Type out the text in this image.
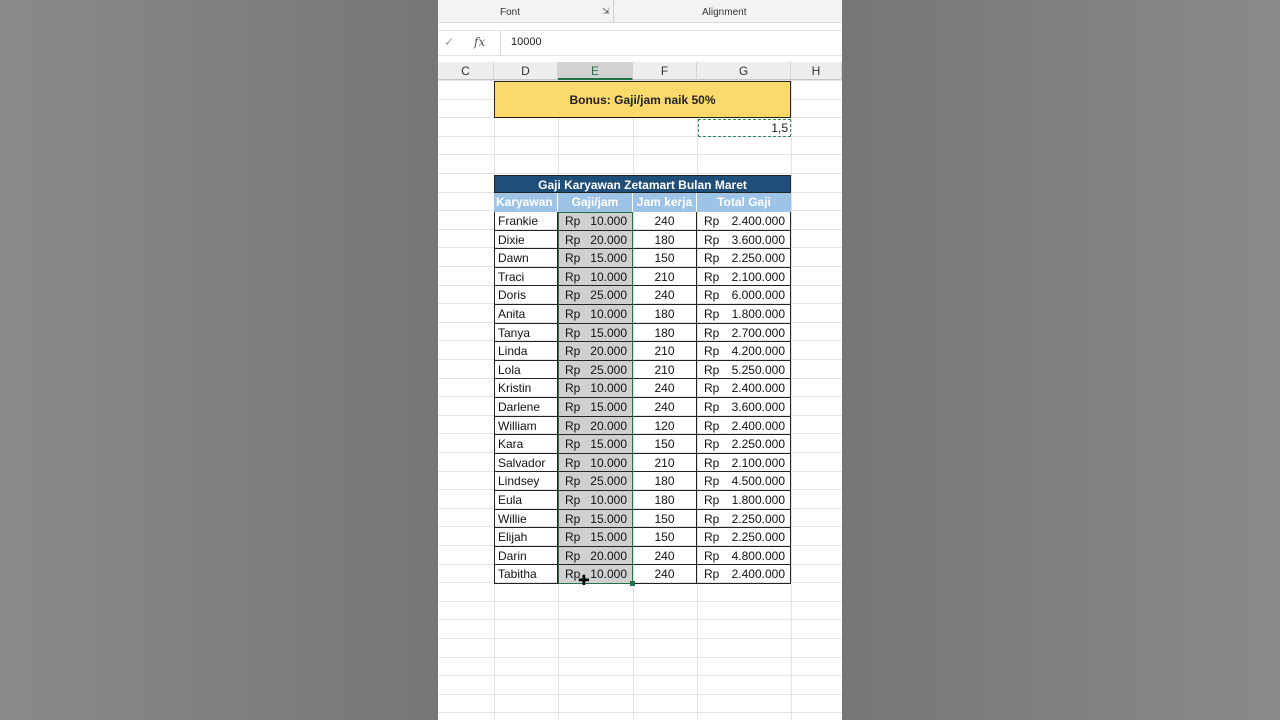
Font	⇲	Alignment
✓ fx 10000
C	D	E	F	G	H
Bonus: Gaji/jam naik 50%
1,5
Gaji Karyawan Zetamart Bulan Maret
Karyawan	Gaji/jam	Jam kerja	Total Gaji
Frankie	Rp 10.000	240	Rp 2.400.000
Dixie	Rp 20.000	180	Rp 3.600.000
Dawn	Rp 15.000	150	Rp 2.250.000
Traci	Rp 10.000	210	Rp 2.100.000
Doris	Rp 25.000	240	Rp 6.000.000
Anita	Rp 10.000	180	Rp 1.800.000
Tanya	Rp 15.000	180	Rp 2.700.000
Linda	Rp 20.000	210	Rp 4.200.000
Lola	Rp 25.000	210	Rp 5.250.000
Kristin	Rp 10.000	240	Rp 2.400.000
Darlene	Rp 15.000	240	Rp 3.600.000
William	Rp 20.000	120	Rp 2.400.000
Kara	Rp 15.000	150	Rp 2.250.000
Salvador	Rp 10.000	210	Rp 2.100.000
Lindsey	Rp 25.000	180	Rp 4.500.000
Eula	Rp 10.000	180	Rp 1.800.000
Willie	Rp 15.000	150	Rp 2.250.000
Elijah	Rp 15.000	150	Rp 2.250.000
Darin	Rp 20.000	240	Rp 4.800.000
Tabitha	Rp 10.000	240	Rp 2.400.000
✚
